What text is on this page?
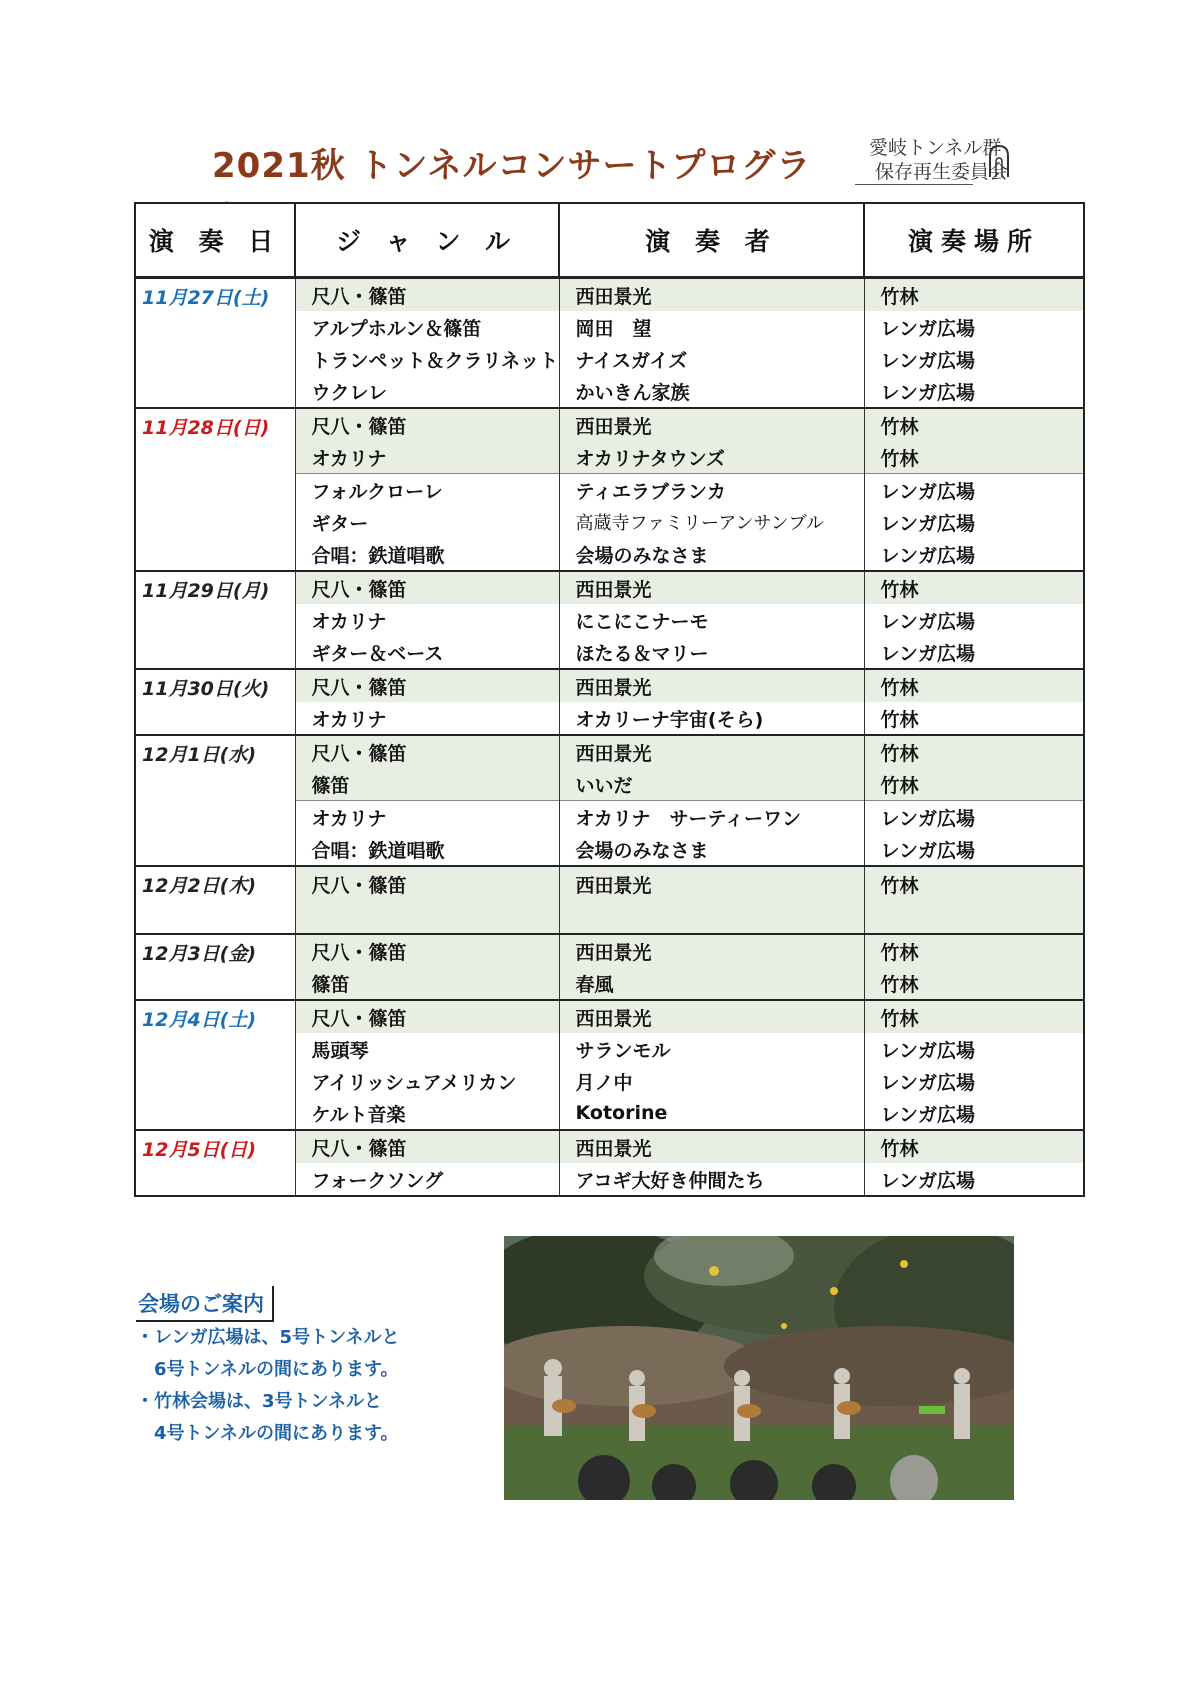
2021秋 トンネルコンサートプログラ	愛岐トンネル群
保存再生委員会
演 奏 日	ジ ャ ン ル	演 奏 者	演奏場所
11月27日(土)	尺八・篠笛	西田景光	竹林
	アルプホルン＆篠笛	岡田　望	レンガ広場
	トランペット＆クラリネット	ナイスガイズ	レンガ広場
	ウクレレ	かいきん家族	レンガ広場
11月28日(日)	尺八・篠笛	西田景光	竹林
	オカリナ	オカリナタウンズ	竹林
	フォルクローレ	ティエラブランカ	レンガ広場
	ギター	高蔵寺ファミリーアンサンブル	レンガ広場
	合唱：鉄道唱歌	会場のみなさま	レンガ広場
11月29日(月)	尺八・篠笛	西田景光	竹林
	オカリナ	にこにこナーモ	レンガ広場
	ギター＆ベース	ほたる＆マリー	レンガ広場
11月30日(火)	尺八・篠笛	西田景光	竹林
	オカリナ	オカリーナ宇宙(そら)	竹林
12月1日(水)	尺八・篠笛	西田景光	竹林
	篠笛	いいだ	竹林
	オカリナ	オカリナ　サーティーワン	レンガ広場
	合唱：鉄道唱歌	会場のみなさま	レンガ広場
12月2日(木)	尺八・篠笛	西田景光	竹林
12月3日(金)	尺八・篠笛	西田景光	竹林
	篠笛	春風	竹林
12月4日(土)	尺八・篠笛	西田景光	竹林
	馬頭琴	サランモル	レンガ広場
	アイリッシュアメリカン	月ノ中	レンガ広場
	ケルト音楽	Kotorine	レンガ広場
12月5日(日)	尺八・篠笛	西田景光	竹林
	フォークソング	アコギ大好き仲間たち	レンガ広場
会場のご案内
・レンガ広場は、5号トンネルと
6号トンネルの間にあります。
・竹林会場は、3号トンネルと
4号トンネルの間にあります。
